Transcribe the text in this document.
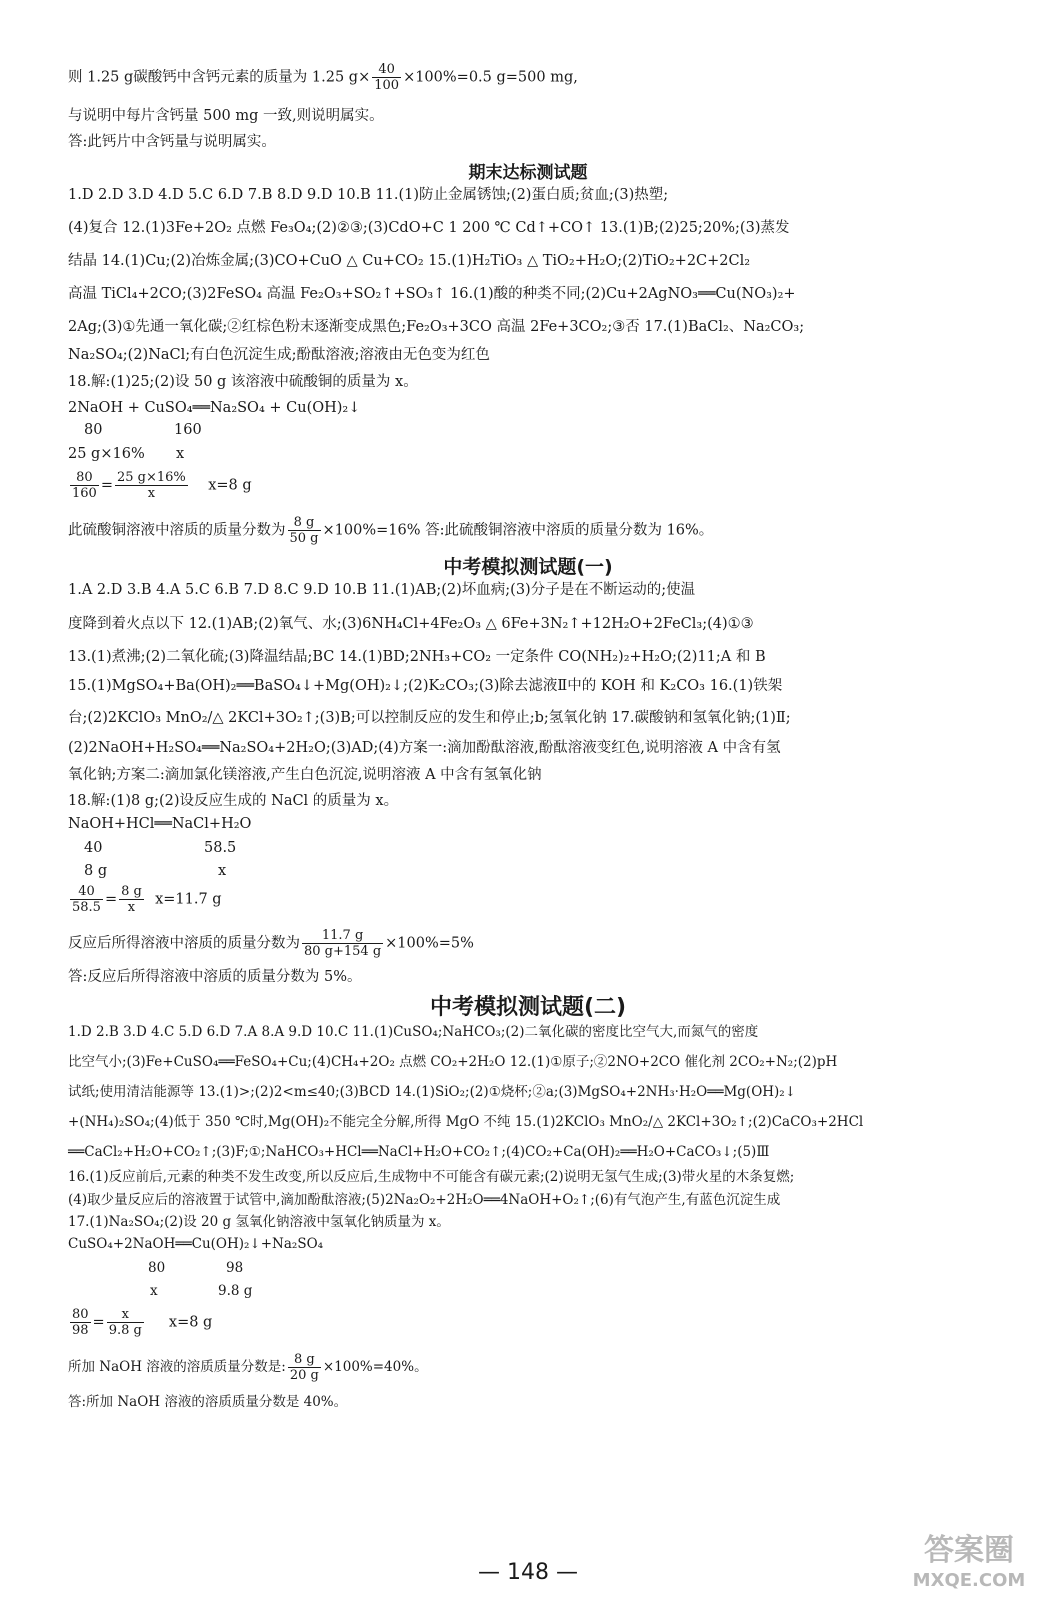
则 1.25 g碳酸钙中含钙元素的质量为 1.25 $g\times \frac{40}{100} \times 100\%=0.5$ g=500 mg,
与说明中每片含钙量 500 mg 一致,则说明属实。
答:此钙片中含钙量与说明属实。
期末达标测试题
1.D 2.D 3.D 4.D 5.C 6.D 7.B 8.D 9.D 10.B 11.(1)防止金属锈蚀;(2)蛋白质;贫血;(3)热塑;
(4)复合 12.(1)3Fe+2O₂ 点燃 Fe₃O₄;(2)②③;(3)CdO+C 1 200 ℃ Cd↑+CO↑ 13.(1)B;(2)25;20%;(3)蒸发
结晶 14.(1)Cu;(2)冶炼金属;(3)CO+CuO △ Cu+CO₂ 15.(1)H₂TiO₃ △ TiO₂+H₂O;(2)TiO₂+2C+2Cl₂
高温 TiCl₄+2CO;(3)2FeSO₄ 高温 Fe₂O₃+SO₂↑+SO₃↑ 16.(1)酸的种类不同;(2)Cu+2AgNO₃══Cu(NO₃)₂+
2Ag;(3)①先通一氧化碳;②红棕色粉末逐渐变成黑色;Fe₂O₃+3CO 高温 2Fe+3CO₂;③否 17.(1)BaCl₂、Na₂CO₃;
Na₂SO₄;(2)NaCl;有白色沉淀生成;酚酞溶液;溶液由无色变为红色
18.解:(1)25;(2)设 50 g 该溶液中硫酸铜的质量为 x。
2NaOH + CuSO₄══Na₂SO₄ + Cu(OH)₂↓
80	160
25 g×16% x
$\frac{80}{160} = \frac{25 g\times 16\%}{x} x=8$ g
此硫酸铜溶液中溶质的质量分数为 $\frac{8 g}{50 g} \times 100\%=16\%$ 答:此硫酸铜溶液中溶质的质量分数为 16%。
中考模拟测试题(一)
1.A 2.D 3.B 4.A 5.C 6.B 7.D 8.C 9.D 10.B 11.(1)AB;(2)坏血病;(3)分子是在不断运动的;使温
度降到着火点以下 12.(1)AB;(2)氧气、水;(3)6NH₄Cl+4Fe₂O₃ △ 6Fe+3N₂↑+12H₂O+2FeCl₃;(4)①③
13.(1)煮沸;(2)二氧化硫;(3)降温结晶;BC 14.(1)BD;2NH₃+CO₂ 一定条件 CO(NH₂)₂+H₂O;(2)11;A 和 B
15.(1)MgSO₄+Ba(OH)₂══BaSO₄↓+Mg(OH)₂↓;(2)K₂CO₃;(3)除去滤液Ⅱ中的 KOH 和 K₂CO₃ 16.(1)铁架
台;(2)2KClO₃ MnO₂/△ 2KCl+3O₂↑;(3)B;可以控制反应的发生和停止;b;氢氧化钠 17.碳酸钠和氢氧化钠;(1)Ⅱ;
(2)2NaOH+H₂SO₄══Na₂SO₄+2H₂O;(3)AD;(4)方案一:滴加酚酞溶液,酚酞溶液变红色,说明溶液 A 中含有氢
氧化钠;方案二:滴加氯化镁溶液,产生白色沉淀,说明溶液 A 中含有氢氧化钠
18.解:(1)8 g;(2)设反应生成的 NaCl 的质量为 x。
NaOH+HCl══NaCl+H₂O
40	58.5
8 g	x
$\frac{40}{58.5} = \frac{8 g}{x} x=11.7$ g
反应后所得溶液中溶质的质量分数为 $\frac{11.7 g}{80 g+154 g} \times 100\%=5\%$
答:反应后所得溶液中溶质的质量分数为 5%。
中考模拟测试题(二)
1.D 2.B 3.D 4.C 5.D 6.D 7.A 8.A 9.D 10.C 11.(1)CuSO₄;NaHCO₃;(2)二氧化碳的密度比空气大,而氮气的密度
比空气小;(3)Fe+CuSO₄══FeSO₄+Cu;(4)CH₄+2O₂ 点燃 CO₂+2H₂O 12.(1)①原子;②2NO+2CO 催化剂 2CO₂+N₂;(2)pH
试纸;使用清洁能源等 13.(1)>;(2)2<m≤40;(3)BCD 14.(1)SiO₂;(2)①烧杯;②a;(3)MgSO₄+2NH₃·H₂O══Mg(OH)₂↓
+(NH₄)₂SO₄;(4)低于 350 ℃时,Mg(OH)₂不能完全分解,所得 MgO 不纯 15.(1)2KClO₃ MnO₂/△ 2KCl+3O₂↑;(2)CaCO₃+2HCl
══CaCl₂+H₂O+CO₂↑;(3)F;①;NaHCO₃+HCl══NaCl+H₂O+CO₂↑;(4)CO₂+Ca(OH)₂══H₂O+CaCO₃↓;(5)Ⅲ
16.(1)反应前后,元素的种类不发生改变,所以反应后,生成物中不可能含有碳元素;(2)说明无氢气生成;(3)带火星的木条复燃;
(4)取少量反应后的溶液置于试管中,滴加酚酞溶液;(5)2Na₂O₂+2H₂O══4NaOH+O₂↑;(6)有气泡产生,有蓝色沉淀生成
17.(1)Na₂SO₄;(2)设 20 g 氢氧化钠溶液中氢氧化钠质量为 x。
CuSO₄+2NaOH══Cu(OH)₂↓+Na₂SO₄
80	98
x	9.8 g
$\frac{80}{98} = \frac{x}{9.8 g} x=8$ g
所加 NaOH 溶液的溶质质量分数是: $\frac{8 g}{20 g} \times 100\%=40\%$。
答:所加 NaOH 溶液的溶质质量分数是 40%。
— 148 —
答案圈
MXQE.COM
